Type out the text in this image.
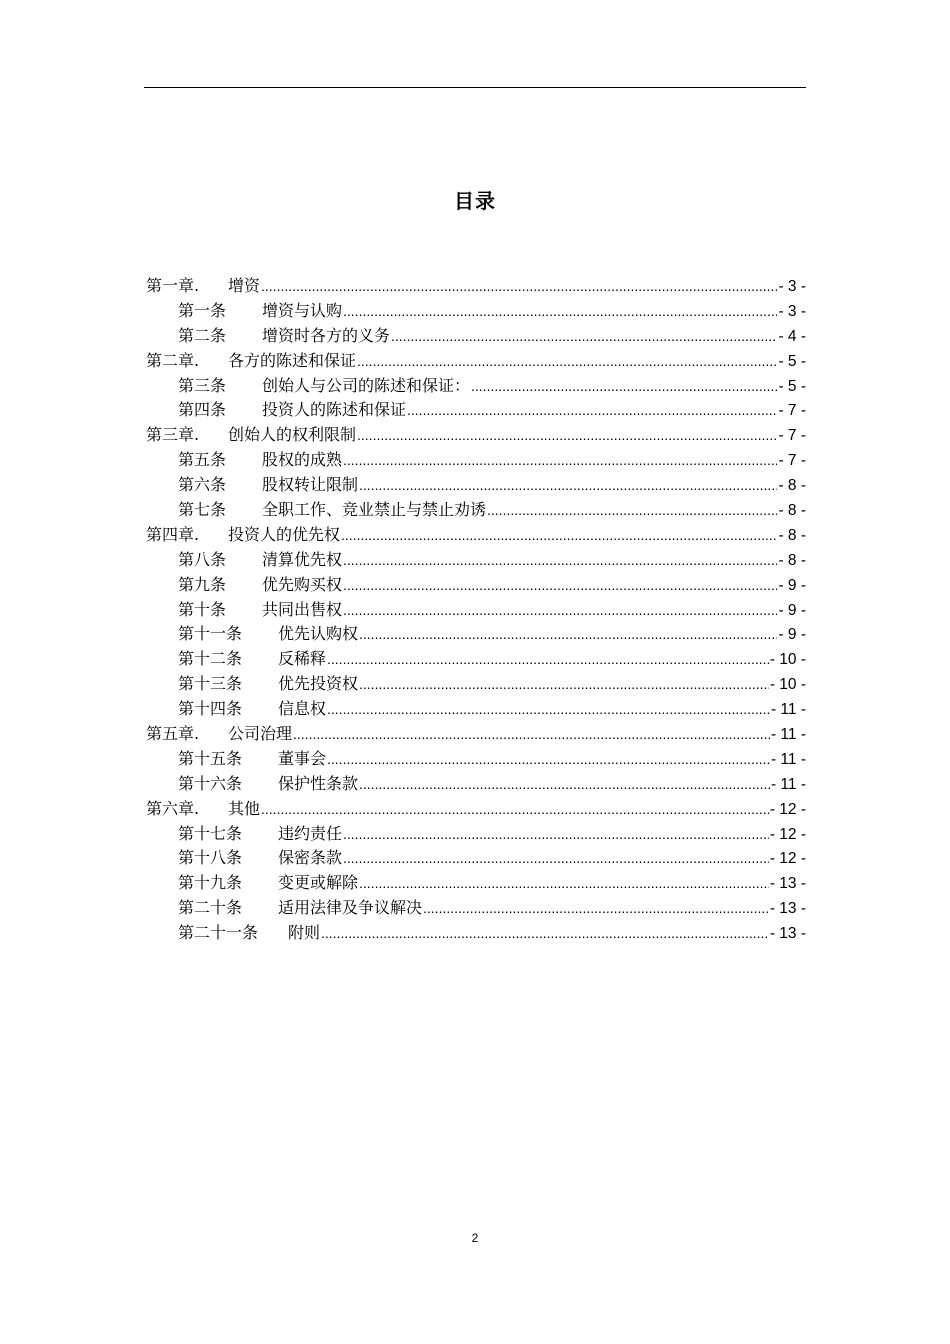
目录
第一章.	增资 .....	- 3 -
第一条	增资与认购 .....	- 3 -
第二条	增资时各方的义务 .....	- 4 -
第二章.	各方的陈述和保证 .....	- 5 -
第三条	创始人与公司的陈述和保证： .....	- 5 -
第四条	投资人的陈述和保证 .....	- 7 -
第三章.	创始人的权利限制 .....	- 7 -
第五条	股权的成熟 .....	- 7 -
第六条	股权转让限制 .....	- 8 -
第七条	全职工作、竞业禁止与禁止劝诱 .....	- 8 -
第四章.	投资人的优先权 .....	- 8 -
第八条	清算优先权 .....	- 8 -
第九条	优先购买权 .....	- 9 -
第十条	共同出售权 .....	- 9 -
第十一条	优先认购权 .....	- 9 -
第十二条	反稀释 .....	- 10 -
第十三条	优先投资权 .....	- 10 -
第十四条	信息权 .....	- 11 -
第五章.	公司治理 .....	- 11 -
第十五条	董事会 .....	- 11 -
第十六条	保护性条款 .....	- 11 -
第六章.	其他 .....	- 12 -
第十七条	违约责任 .....	- 12 -
第十八条	保密条款 .....	- 12 -
第十九条	变更或解除 .....	- 13 -
第二十条	适用法律及争议解决 .....	- 13 -
第二十一条	附则 .....	- 13 -
2
